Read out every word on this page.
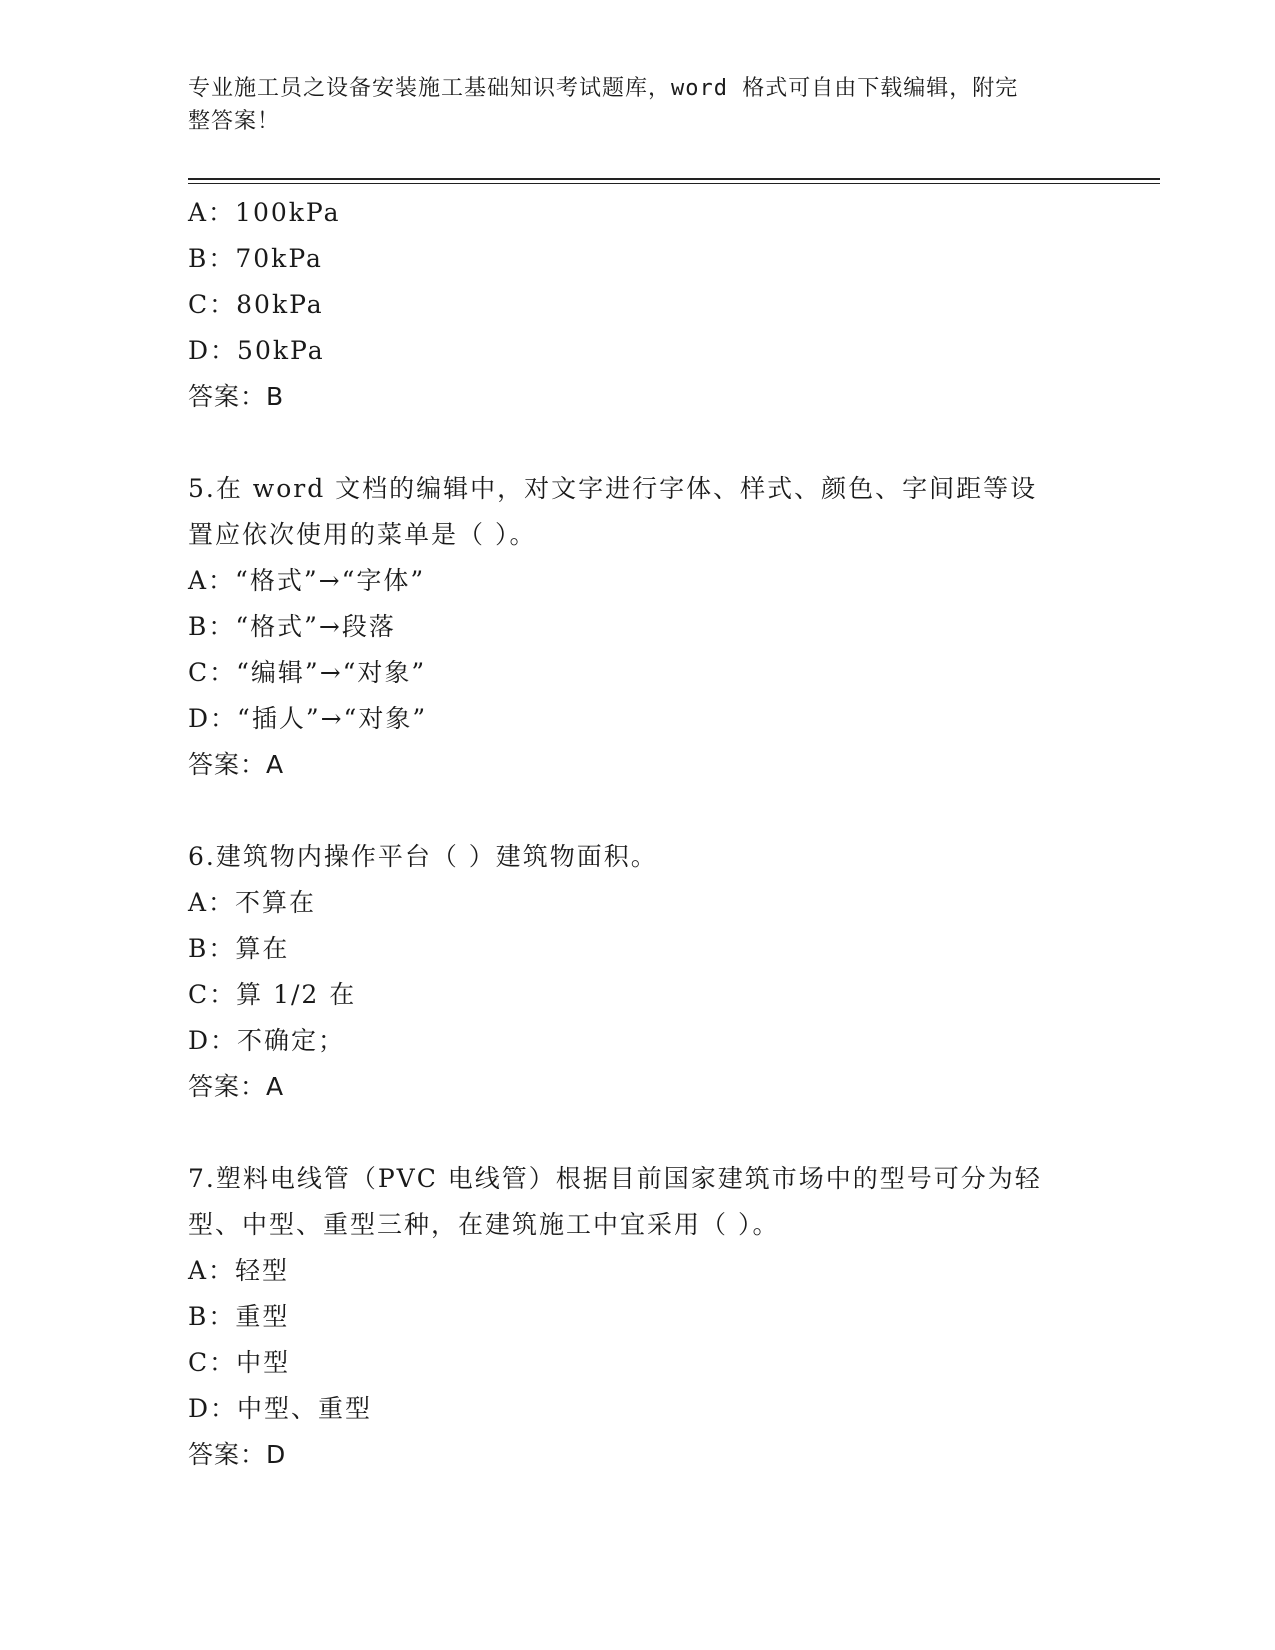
专业施工员之设备安装施工基础知识考试题库，word 格式可自由下载编辑，附完
整答案！
A：100kPa
B：70kPa
C：80kPa
D：50kPa
答案：B
5.在 word 文档的编辑中，对文字进行字体、样式、颜色、字间距等设
置应依次使用的菜单是（ ）。
A：“格式”→“字体”
B：“格式”→段落
C：“编辑”→“对象”
D：“插人”→“对象”
答案：A
6.建筑物内操作平台（ ）建筑物面积。
A：不算在
B：算在
C：算 1/2 在
D：不确定；
答案：A
7.塑料电线管（PVC 电线管）根据目前国家建筑市场中的型号可分为轻
型、中型、重型三种，在建筑施工中宜采用（ ）。
A：轻型
B：重型
C：中型
D：中型、重型
答案：D
